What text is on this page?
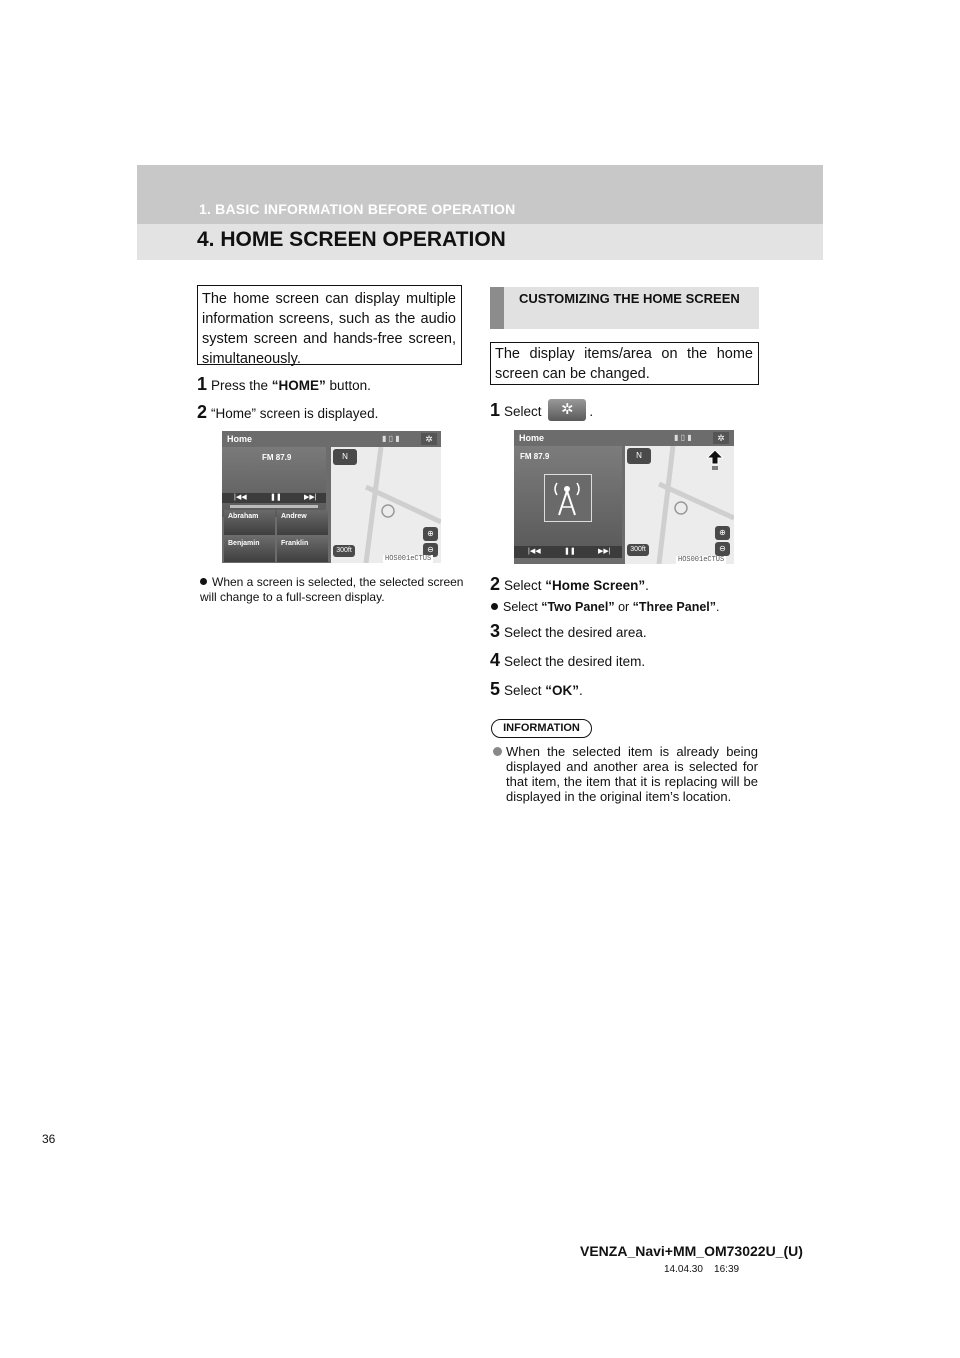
1. BASIC INFORMATION BEFORE OPERATION
4. HOME SCREEN OPERATION
The home screen can display multiple information screens, such as the audio system screen and hands-free screen, simultaneously.
1 Press the “HOME” button.
2 “Home” screen is displayed.
Home	▮ ▯ ▮	✲
FM 87.9
|◀◀	❚❚	▶▶|
Abraham	Andrew
Benjamin	Franklin
N
300ft
⊕
⊖
HOS001eCTUS
When a screen is selected, the selected screen will change to a full-screen display.
CUSTOMIZING THE HOME SCREEN
The display items/area on the home screen can be changed.
1 Select ✲ .
Home	▮ ▯ ▮	✲
FM 87.9
|◀◀	❚❚	▶▶|
N
300ft
⊕
⊖
HOS001eCTUS
2 Select “Home Screen”.
Select “Two Panel” or “Three Panel”.
3 Select the desired area.
4 Select the desired item.
5 Select “OK”.
INFORMATION
When the selected item is already being displayed and another area is selected for that item, the item that it is replacing will be displayed in the original item’s location.
36
VENZA_Navi+MM_OM73022U_(U)
14.04.30    16:39
